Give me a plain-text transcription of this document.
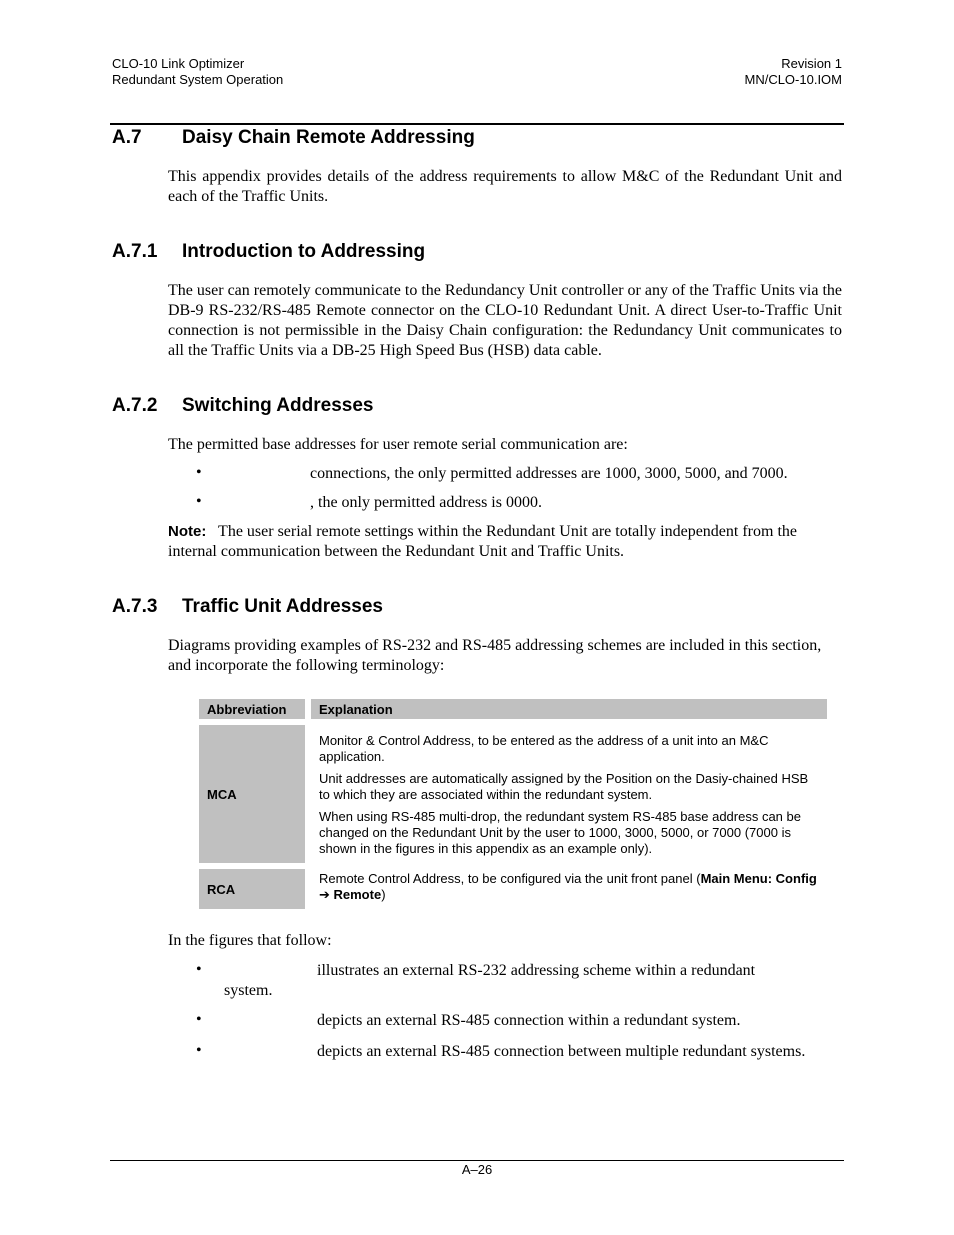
CLO-10 Link Optimizer
Redundant System Operation
Revision 1
MN/CLO-10.IOM
A.7 Daisy Chain Remote Addressing
This appendix provides details of the address requirements to allow M&C of the Redundant Unit and each of the Traffic Units.
A.7.1 Introduction to Addressing
The user can remotely communicate to the Redundancy Unit controller or any of the Traffic Units via the DB-9 RS-232/RS-485 Remote connector on the CLO-10 Redundant Unit. A direct User-to-Traffic Unit connection is not permissible in the Daisy Chain configuration: the Redundancy Unit communicates to all the Traffic Units via a DB-25 High Speed Bus (HSB) data cable.
A.7.2 Switching Addresses
The permitted base addresses for user remote serial communication are:
•	connections, the only permitted addresses are 1000, 3000, 5000, and 7000.
•	, the only permitted address is 0000.
Note: The user serial remote settings within the Redundant Unit are totally independent from the internal communication between the Redundant Unit and Traffic Units.
A.7.3 Traffic Unit Addresses
Diagrams providing examples of RS-232 and RS-485 addressing schemes are included in this section, and incorporate the following terminology:
Abbreviation		Explanation

MCA		Monitor & Control Address, to be entered as the address of a unit into an M&C application.

Unit addresses are automatically assigned by the Position on the Dasiy-chained HSB to which they are associated within the redundant system.

When using RS-485 multi-drop, the redundant system RS-485 base address can be changed on the Redundant Unit by the user to 1000, 3000, 5000, or 7000 (7000 is shown in the figures in this appendix as an example only).

RCA		Remote Control Address, to be configured via the unit front panel (Main Menu: Config ➔ Remote)
In the figures that follow:
•	illustrates an external RS-232 addressing scheme within a redundant
system.
•	depicts an external RS-485 connection within a redundant system.
•	depicts an external RS-485 connection between multiple redundant systems.
A–26
